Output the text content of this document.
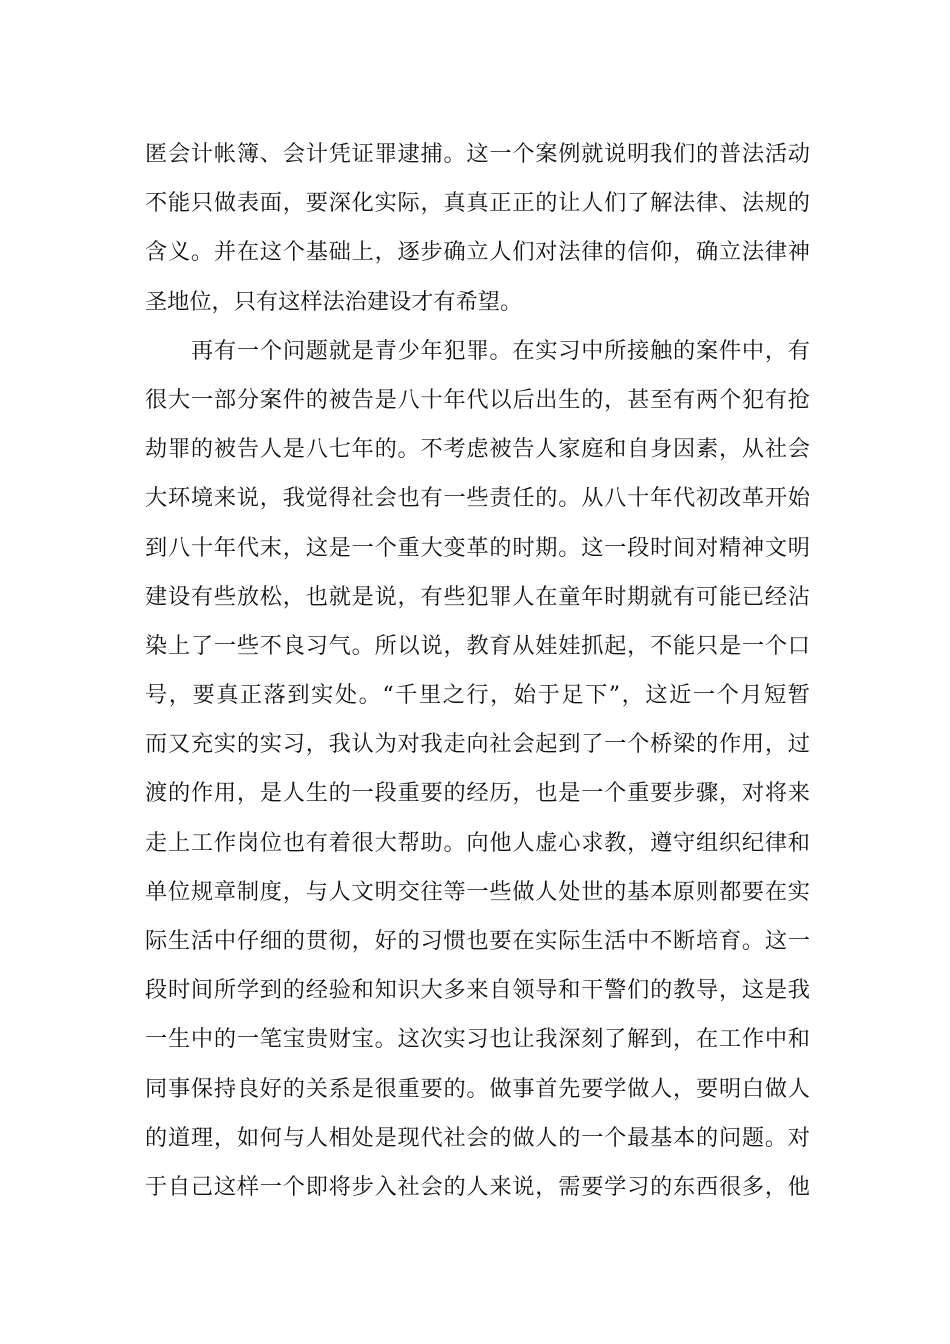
匿会计帐簿、会计凭证罪逮捕。这一个案例就说明我们的普法活动
不能只做表面，要深化实际，真真正正的让人们了解法律、法规的
含义。并在这个基础上，逐步确立人们对法律的信仰，确立法律神
圣地位，只有这样法治建设才有希望。
再有一个问题就是青少年犯罪。在实习中所接触的案件中，有
很大一部分案件的被告是八十年代以后出生的，甚至有两个犯有抢
劫罪的被告人是八七年的。不考虑被告人家庭和自身因素，从社会
大环境来说，我觉得社会也有一些责任的。从八十年代初改革开始
到八十年代末，这是一个重大变革的时期。这一段时间对精神文明
建设有些放松，也就是说，有些犯罪人在童年时期就有可能已经沾
染上了一些不良习气。所以说，教育从娃娃抓起，不能只是一个口
号，要真正落到实处。“千里之行，始于足下”，这近一个月短暂
而又充实的实习，我认为对我走向社会起到了一个桥梁的作用，过
渡的作用，是人生的一段重要的经历，也是一个重要步骤，对将来
走上工作岗位也有着很大帮助。向他人虚心求教，遵守组织纪律和
单位规章制度，与人文明交往等一些做人处世的基本原则都要在实
际生活中仔细的贯彻，好的习惯也要在实际生活中不断培育。这一
段时间所学到的经验和知识大多来自领导和干警们的教导，这是我
一生中的一笔宝贵财宝。这次实习也让我深刻了解到，在工作中和
同事保持良好的关系是很重要的。做事首先要学做人，要明白做人
的道理，如何与人相处是现代社会的做人的一个最基本的问题。对
于自己这样一个即将步入社会的人来说，需要学习的东西很多，他
